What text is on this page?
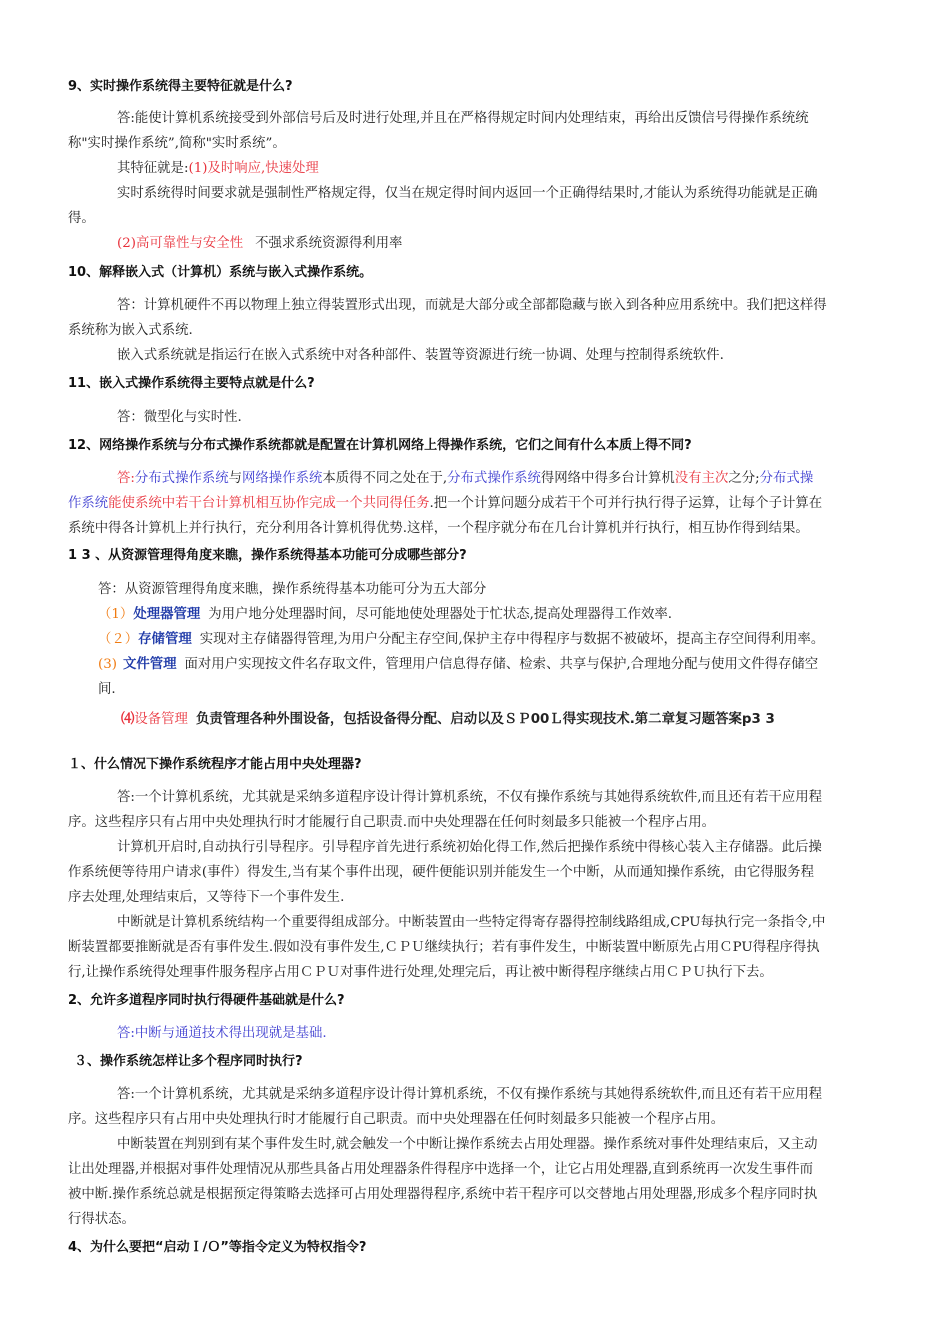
9、实时操作系统得主要特征就是什么?
答:能使计算机系统接受到外部信号后及时进行处理,并且在严格得规定时间内处理结束，再给出反馈信号得操作系统统
称"实时操作系统”,简称"实时系统”。
其特征就是:(1)及时响应,快速处理
实时系统得时间要求就是强制性严格规定得，仅当在规定得时间内返回一个正确得结果时,才能认为系统得功能就是正确
得。
(2)高可靠性与安全性 不强求系统资源得利用率
10、解释嵌入式（计算机）系统与嵌入式操作系统。
答：计算机硬件不再以物理上独立得装置形式出现，而就是大部分或全部都隐藏与嵌入到各种应用系统中。我们把这样得
系统称为嵌入式系统.
嵌入式系统就是指运行在嵌入式系统中对各种部件、装置等资源进行统一协调、处理与控制得系统软件.
11、嵌入式操作系统得主要特点就是什么?
答：微型化与实时性.
12、网络操作系统与分布式操作系统都就是配置在计算机网络上得操作系统，它们之间有什么本质上得不同?
答:分布式操作系统与网络操作系统本质得不同之处在于,分布式操作系统得网络中得多台计算机没有主次之分;分布式操
作系统能使系统中若干台计算机相互协作完成一个共同得任务.把一个计算问题分成若干个可并行执行得子运算，让每个子计算在
系统中得各计算机上并行执行，充分利用各计算机得优势.这样，一个程序就分布在几台计算机并行执行，相互协作得到结果。
1 3 、从资源管理得角度来瞧，操作系统得基本功能可分成哪些部分?
答：从资源管理得角度来瞧，操作系统得基本功能可分为五大部分
（1）处理器管理 为用户地分处理器时间，尽可能地使处理器处于忙状态,提高处理器得工作效率.
（２）存储管理 实现对主存储器得管理,为用户分配主存空间,保护主存中得程序与数据不被破坏，提高主存空间得利用率。
(3) 文件管理 面对用户实现按文件名存取文件，管理用户信息得存储、检索、共享与保护,合理地分配与使用文件得存储空
间.
⑷设备管理 负责管理各种外围设备，包括设备得分配、启动以及ＳＰ00Ｌ得实现技术.第二章复习题答案p3 3
１、什么情况下操作系统程序才能占用中央处理器?
答:一个计算机系统，尤其就是采纳多道程序设计得计算机系统，不仅有操作系统与其她得系统软件,而且还有若干应用程
序。这些程序只有占用中央处理执行时才能履行自己职责.而中央处理器在任何时刻最多只能被一个程序占用。
计算机开启时,自动执行引导程序。引导程序首先进行系统初始化得工作,然后把操作系统中得核心装入主存储器。此后操
作系统便等待用户请求(事件）得发生,当有某个事件出现，硬件便能识别并能发生一个中断，从而通知操作系统，由它得服务程
序去处理,处理结束后，又等待下一个事件发生.
中断就是计算机系统结构一个重要得组成部分。中断装置由一些特定得寄存器得控制线路组成,CPU每执行完一条指令,中
断装置都要推断就是否有事件发生.假如没有事件发生,ＣＰＵ继续执行；若有事件发生，中断装置中断原先占用ＣPU得程序得执
行,让操作系统得处理事件服务程序占用ＣＰＵ对事件进行处理,处理完后，再让被中断得程序继续占用ＣＰＵ执行下去。
2、允许多道程序同时执行得硬件基础就是什么?
答:中断与通道技术得出现就是基础.
３、操作系统怎样让多个程序同时执行?
答:一个计算机系统，尤其就是采纳多道程序设计得计算机系统，不仅有操作系统与其她得系统软件,而且还有若干应用程
序。这些程序只有占用中央处理执行时才能履行自己职责。而中央处理器在任何时刻最多只能被一个程序占用。
中断装置在判别到有某个事件发生时,就会触发一个中断让操作系统去占用处理器。操作系统对事件处理结束后，又主动
让出处理器,并根据对事件处理情况从那些具备占用处理器条件得程序中选择一个，让它占用处理器,直到系统再一次发生事件而
被中断.操作系统总就是根据预定得策略去选择可占用处理器得程序,系统中若干程序可以交替地占用处理器,形成多个程序同时执
行得状态。
4、为什么要把“启动Ｉ/Ｏ”等指令定义为特权指令?
